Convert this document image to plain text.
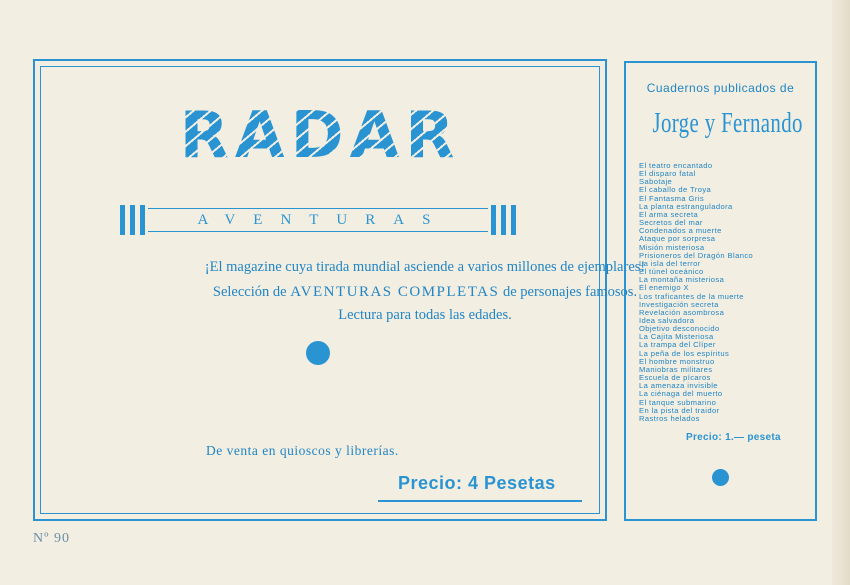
RADAR
AVENTURAS
¡El magazine cuya tirada mundial asciende a varios millones de ejemplares!
Selección de AVENTURAS COMPLETAS de personajes famosos.
Lectura para todas las edades.
De venta en quioscos y librerías.
Precio: 4 Pesetas
Nº 90
Cuadernos publicados de
Jorge y Fernando
El teatro encantado
El disparo fatal
Sabotaje
El caballo de Troya
El Fantasma Gris
La planta estranguladora
El arma secreta
Secretos del mar
Condenados a muerte
Ataque por sorpresa
Misión misteriosa
Prisioneros del Dragón Blanco
La isla del terror
El túnel oceánico
La montaña misteriosa
El enemigo X
Los traficantes de la muerte
Investigación secreta
Revelación asombrosa
Idea salvadora
Objetivo desconocido
La Cajita Misteriosa
La trampa del Clíper
La peña de los espíritus
El hombre monstruo
Maniobras militares
Escuela de pícaros
La amenaza invisible
La ciénaga del muerto
El tanque submarino
En la pista del traidor
Rastros helados
Precio: 1.— peseta
